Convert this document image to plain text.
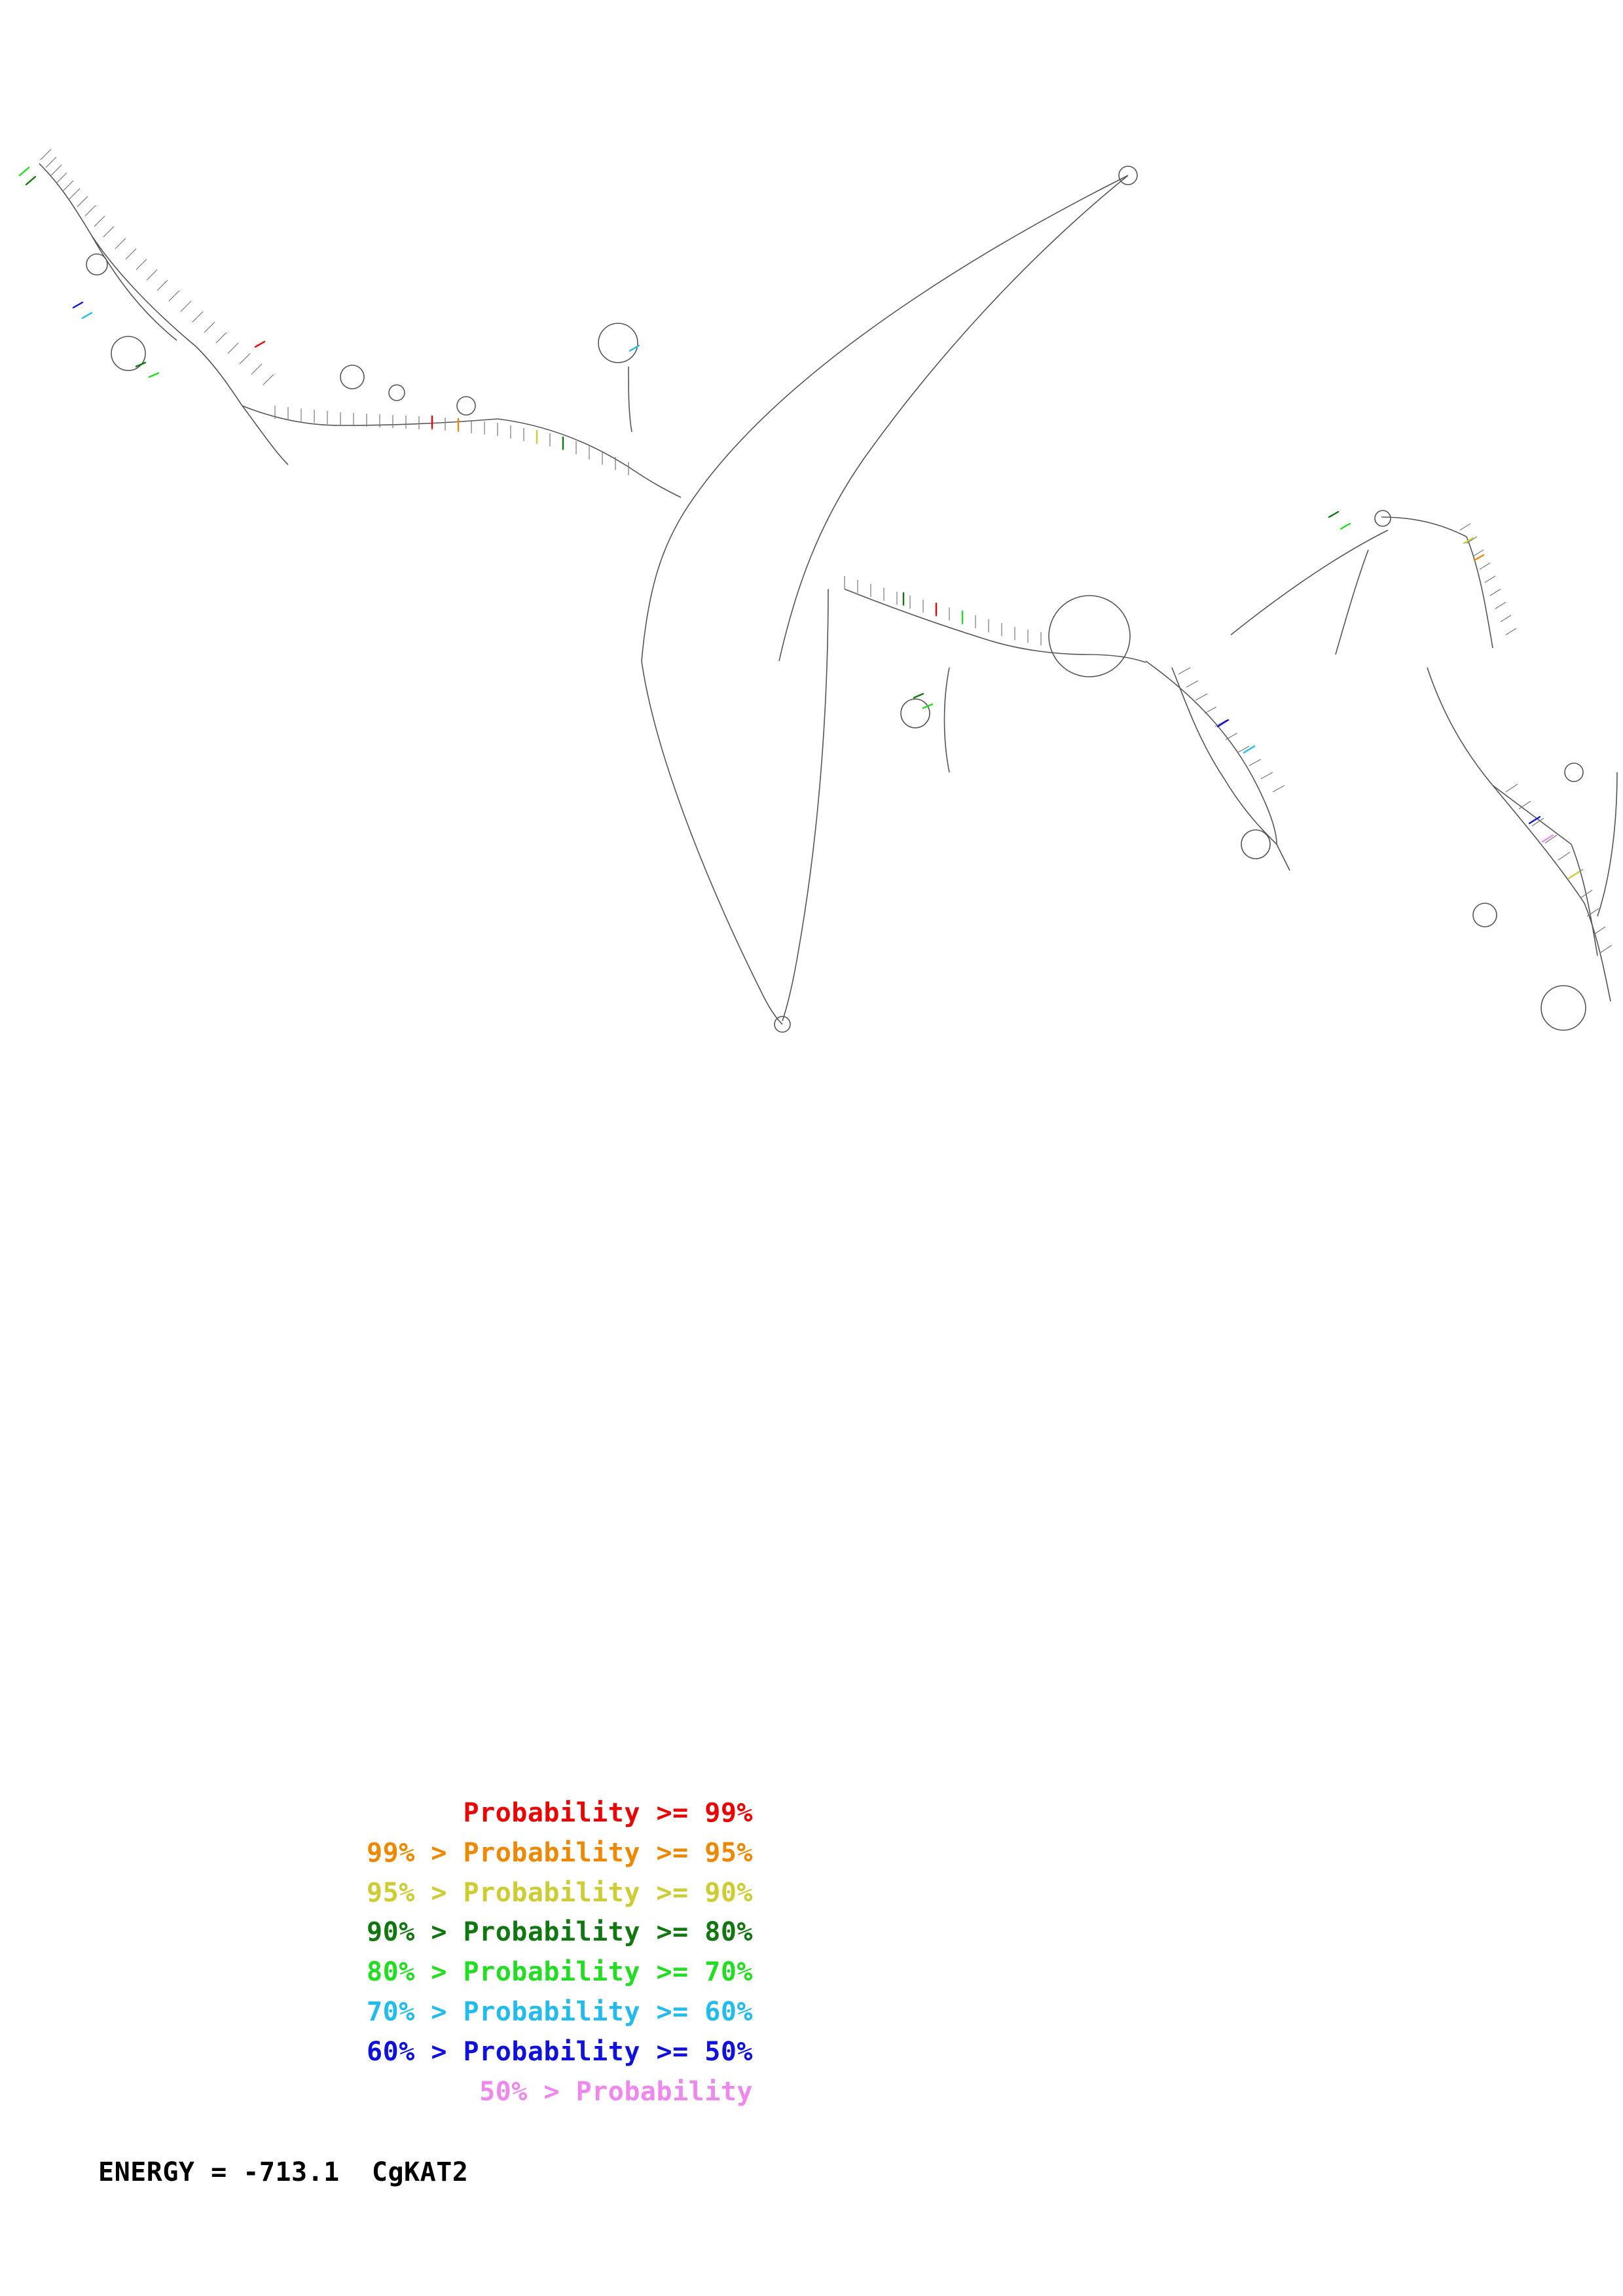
Probability >= 99%
99% > Probability >= 95%
95% > Probability >= 90%
90% > Probability >= 80%
80% > Probability >= 70%
70% > Probability >= 60%
60% > Probability >= 50%
50% > Probability
ENERGY = -713.1  CgKAT2
